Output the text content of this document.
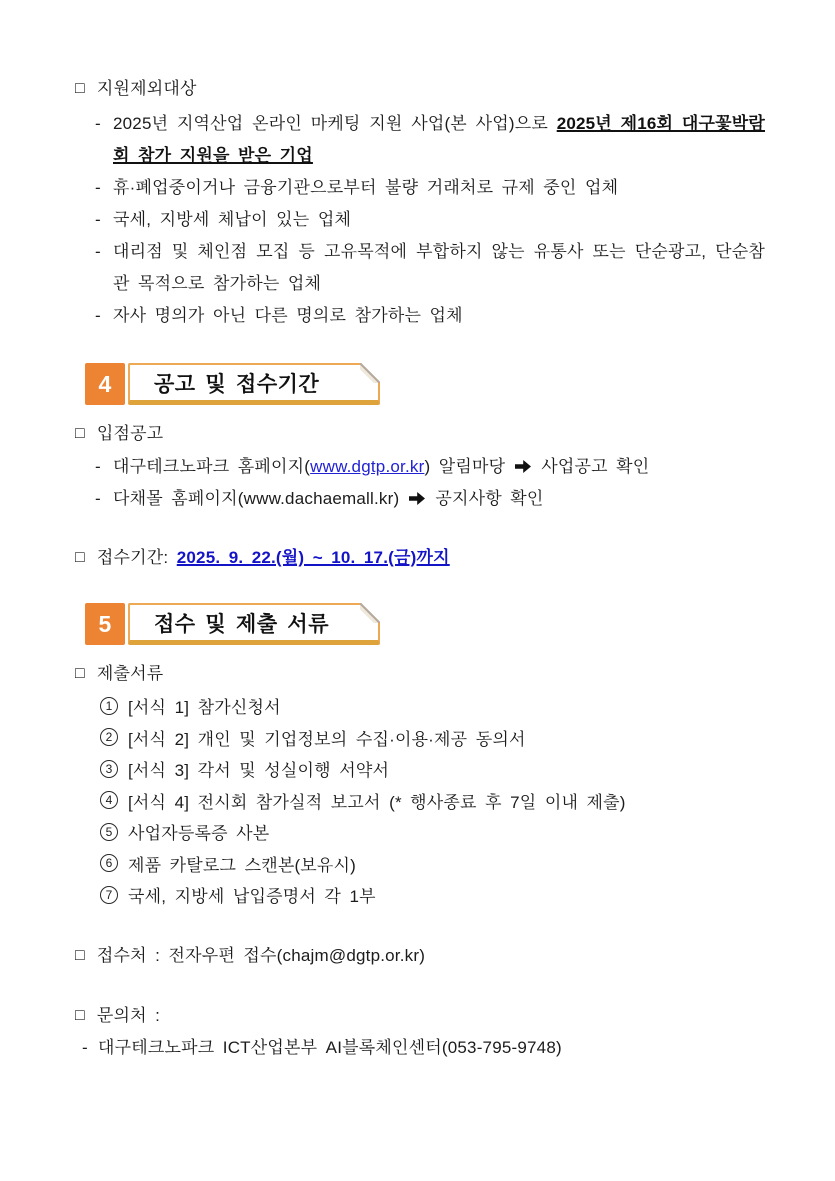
□ 지원제외대상
- 2025년 지역산업 온라인 마케팅 지원 사업(본 사업)으로 2025년 제16회 대구꽃박람회 참가 지원을 받은 기업
- 휴·폐업중이거나 금융기관으로부터 불량 거래처로 규제 중인 업체
- 국세, 지방세 체납이 있는 업체
- 대리점 및 체인점 모집 등 고유목적에 부합하지 않는 유통사 또는 단순광고, 단순참관 목적으로 참가하는 업체
- 자사 명의가 아닌 다른 명의로 참가하는 업체
4	공고 및 접수기간
□ 입점공고
- 대구테크노파크 홈페이지(www.dgtp.or.kr) 알림마당 사업공고 확인
- 다채몰 홈페이지(www.dachaemall.kr) 공지사항 확인
□ 접수기간: 2025. 9. 22.(월) ~ 10. 17.(금)까지
5	접수 및 제출 서류
□ 제출서류
1 [서식 1] 참가신청서
2 [서식 2] 개인 및 기업정보의 수집·이용·제공 동의서
3 [서식 3] 각서 및 성실이행 서약서
4 [서식 4] 전시회 참가실적 보고서 (* 행사종료 후 7일 이내 제출)
5 사업자등록증 사본
6 제품 카탈로그 스캔본(보유시)
7 국세, 지방세 납입증명서 각 1부
□ 접수처 : 전자우편 접수(chajm@dgtp.or.kr)
□ 문의처 :
- 대구테크노파크 ICT산업본부 AI블록체인센터(053-795-9748)
